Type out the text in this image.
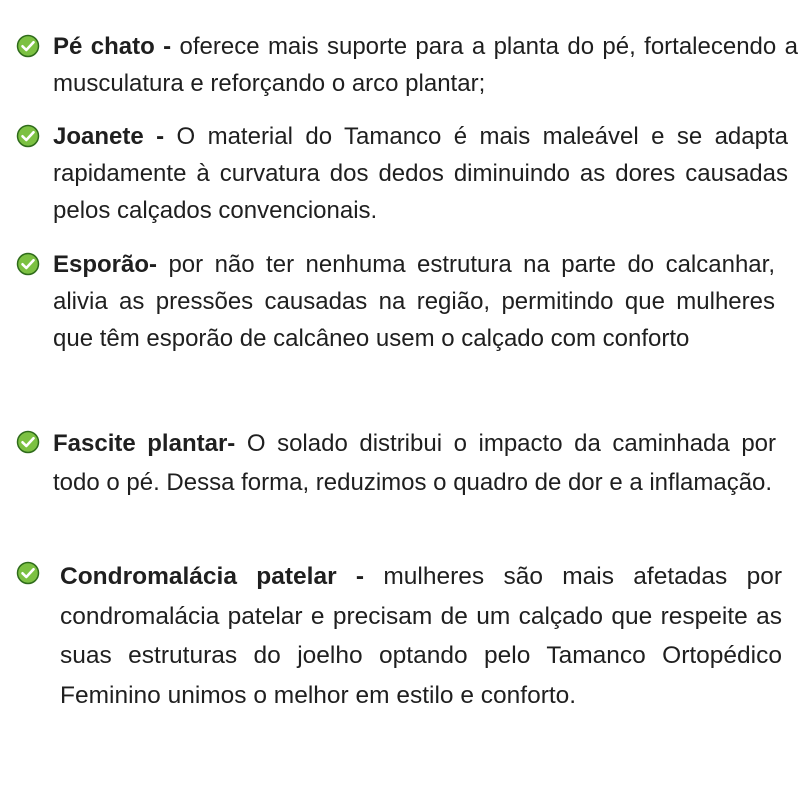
Pé chato - oferece mais suporte para a planta do pé, fortalecendo a musculatura e reforçando o arco plantar;

Joanete - O material do Tamanco é mais maleável e se adapta rapidamente à curvatura dos dedos diminuindo as dores causadas pelos calçados convencionais.

Esporão- por não ter nenhuma estrutura na parte do calcanhar, alivia as pressões causadas na região, permitindo que mulheres que têm esporão de calcâneo usem o calçado com conforto

Fascite plantar- O solado distribui o impacto da caminhada por todo o pé. Dessa forma, reduzimos o quadro de dor e a inflamação.

Condromalácia patelar - mulheres são mais afetadas por condromalácia patelar e precisam de um calçado que respeite as suas estruturas do joelho optando pelo Tamanco Ortopédico Feminino unimos o melhor em estilo e conforto.
